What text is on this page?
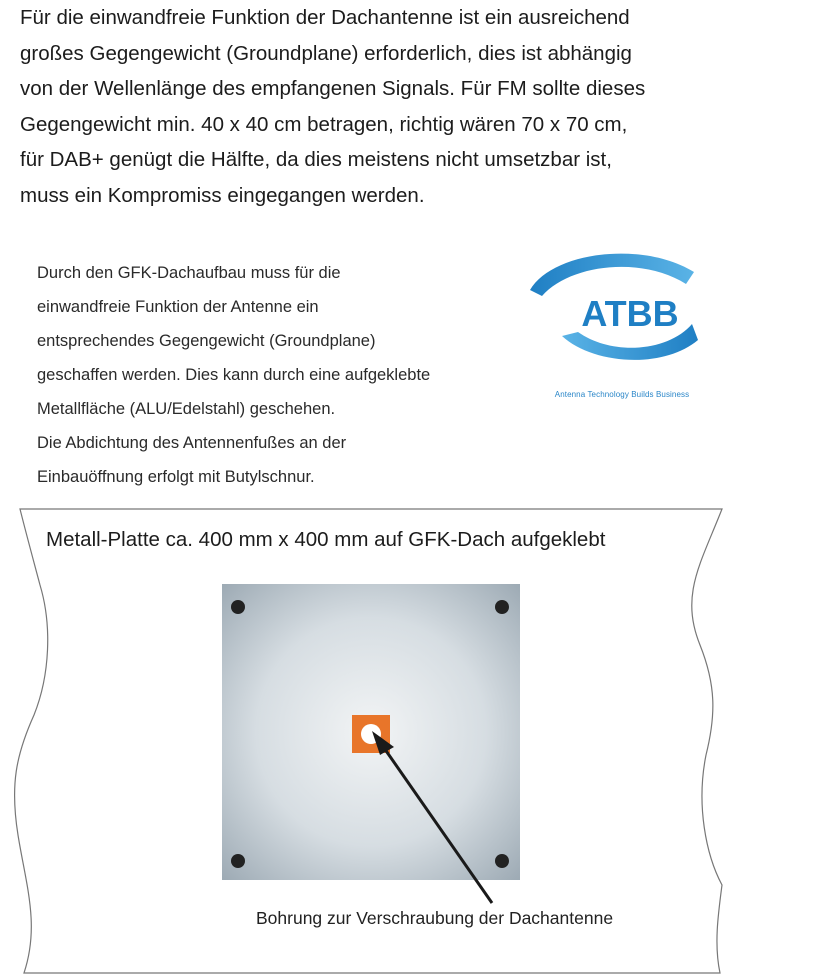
Für die einwandfreie Funktion der Dachantenne ist ein ausreichend

großes Gegengewicht (Groundplane) erforderlich, dies ist abhängig

von der Wellenlänge des empfangenen Signals. Für FM sollte dieses

Gegengewicht min. 40 x 40 cm betragen, richtig wären 70 x 70 cm,

für DAB+ genügt die Hälfte, da dies meistens nicht umsetzbar ist,

muss ein Kompromiss eingegangen werden.

Durch den GFK-Dachaufbau muss für die

einwandfreie Funktion der Antenne ein

entsprechendes Gegengewicht (Groundplane)

geschaffen werden. Dies kann durch eine aufgeklebte

Metallfläche (ALU/Edelstahl) geschehen.

Die Abdichtung des Antennenfußes an der

Einbauöffnung erfolgt mit Butylschnur.

ATBB
Antenna Technology Builds Business
Metall-Platte ca. 400 mm x 400 mm auf GFK-Dach aufgeklebt
Bohrung zur Verschraubung der Dachantenne
